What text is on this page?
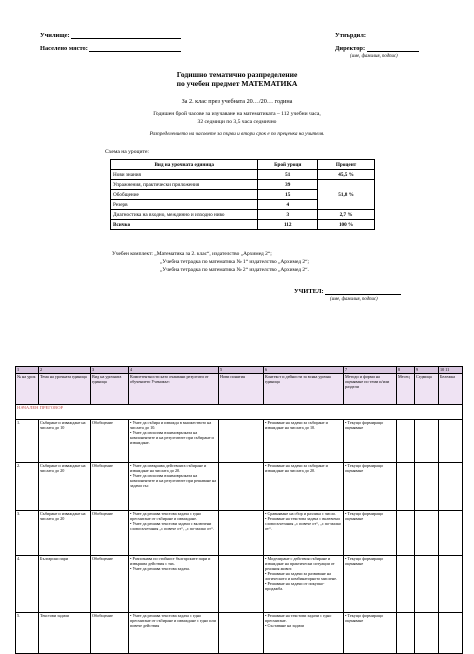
Училище:
Населено място:
Утвърдил:
Директор:
(име, фамилия, подпис)
Годишно тематично разпределение
по учебен предмет МАТЕМАТИКА
За 2. клас през учебната 20…/20… година
Годишен брой часове за изучаване на математиката – 112 учебни часа,
32 седмици по 3,5 часа седмично
Разпределението на часовете за първи и втори срок е по преценка на учителя.
Схема на уроците:
Вид на урочната единица	Брой уроци	Процент
Нови знания	51	45,5 %
Упражнения, практически приложения	39	51,8 %
Обобщение	15	
Резерв	4	
Диагностика на входно, междинно и изходно ниво	3	2,7 %
Всичко	112	100 %
Учебен комплект: „Математика за 2. клас“, издателство „Архимед 2“;
„Учебна тетрадка по математика № 1“ издателство „Архимед 2“;
„Учебна тетрадка по математика № 2“ издателство „Архимед 2“.
УЧИТЕЛ:
(име, фамилия, подпис)
1	2	3	4	5	6	7	8	9	10 11
№ на урок	Тема на урочната единица	Вид на урочната единица	Компетентности като очаквани резултати от обучението Ученикът:	Нови понятия	Контекст и дейности за всяка урочна единица	Методи и форми на оценяване по теми и/или раздели	Месец	Седмица	Бележка
НАЧАЛЕН ПРЕГОВОР									
1.	Събиране и изваждане на числата до 10	Обобщение	• Умее да събира и изважда в множеството на числата до 10.
• Умее да използва взаимовръзката на компонентите и на резултатите при събиране и изваждане.		• Решаване на задачи за събиране и изваждане на числата до 10.	• Текущо формиращо оценяване			
2.	Събиране и изваждане на числата до 20	Обобщение	• Умее да извършва действията събиране и изваждане на числата до 20.
• Умее да използва взаимовръзката на компонентите и на резултатите при решаване на задачи със		• Решаване на задачи за събиране и изваждане на числата до 20.	• Текущо формиращо оценяване			
3.	Събиране и изваждане на числата до 20	Обобщение	• Умее да решава текстова задача с едно пресмятане от събиране и изваждане.
• Умее да решава текстови задачи с включени словосъчетания „с повече от“, „с по-малко от“.		• Сравняване на сбор и разлика с число.
• Решаване на текстова задача с включени словосъчетания „с повече от“, „с по-малко от“.	• Текущо формиращо оценяване			
4.	Български пари	Обобщение	• Разпознава по стойност българските пари и извършва действия с тях.
• Умее да решава текстова задача.		• Моделиране с действия събиране и изваждане на практически ситуации от реалния живот.
• Решаване на задачи за развиване на логическото и комбинаторното мислене.
• Решаване на задачи от покупко-продажба.	• Текущо формиращо оценяване			
5.	Текстови задачи	Обобщение	• Умее да решава текстова задача с едно пресмятане от събиране и изваждане с едно или повече действия		• Решаване на текстови задачи с едно пресмятане.
• Съставяне на задачи	• Текущо формиращо оценяване			
